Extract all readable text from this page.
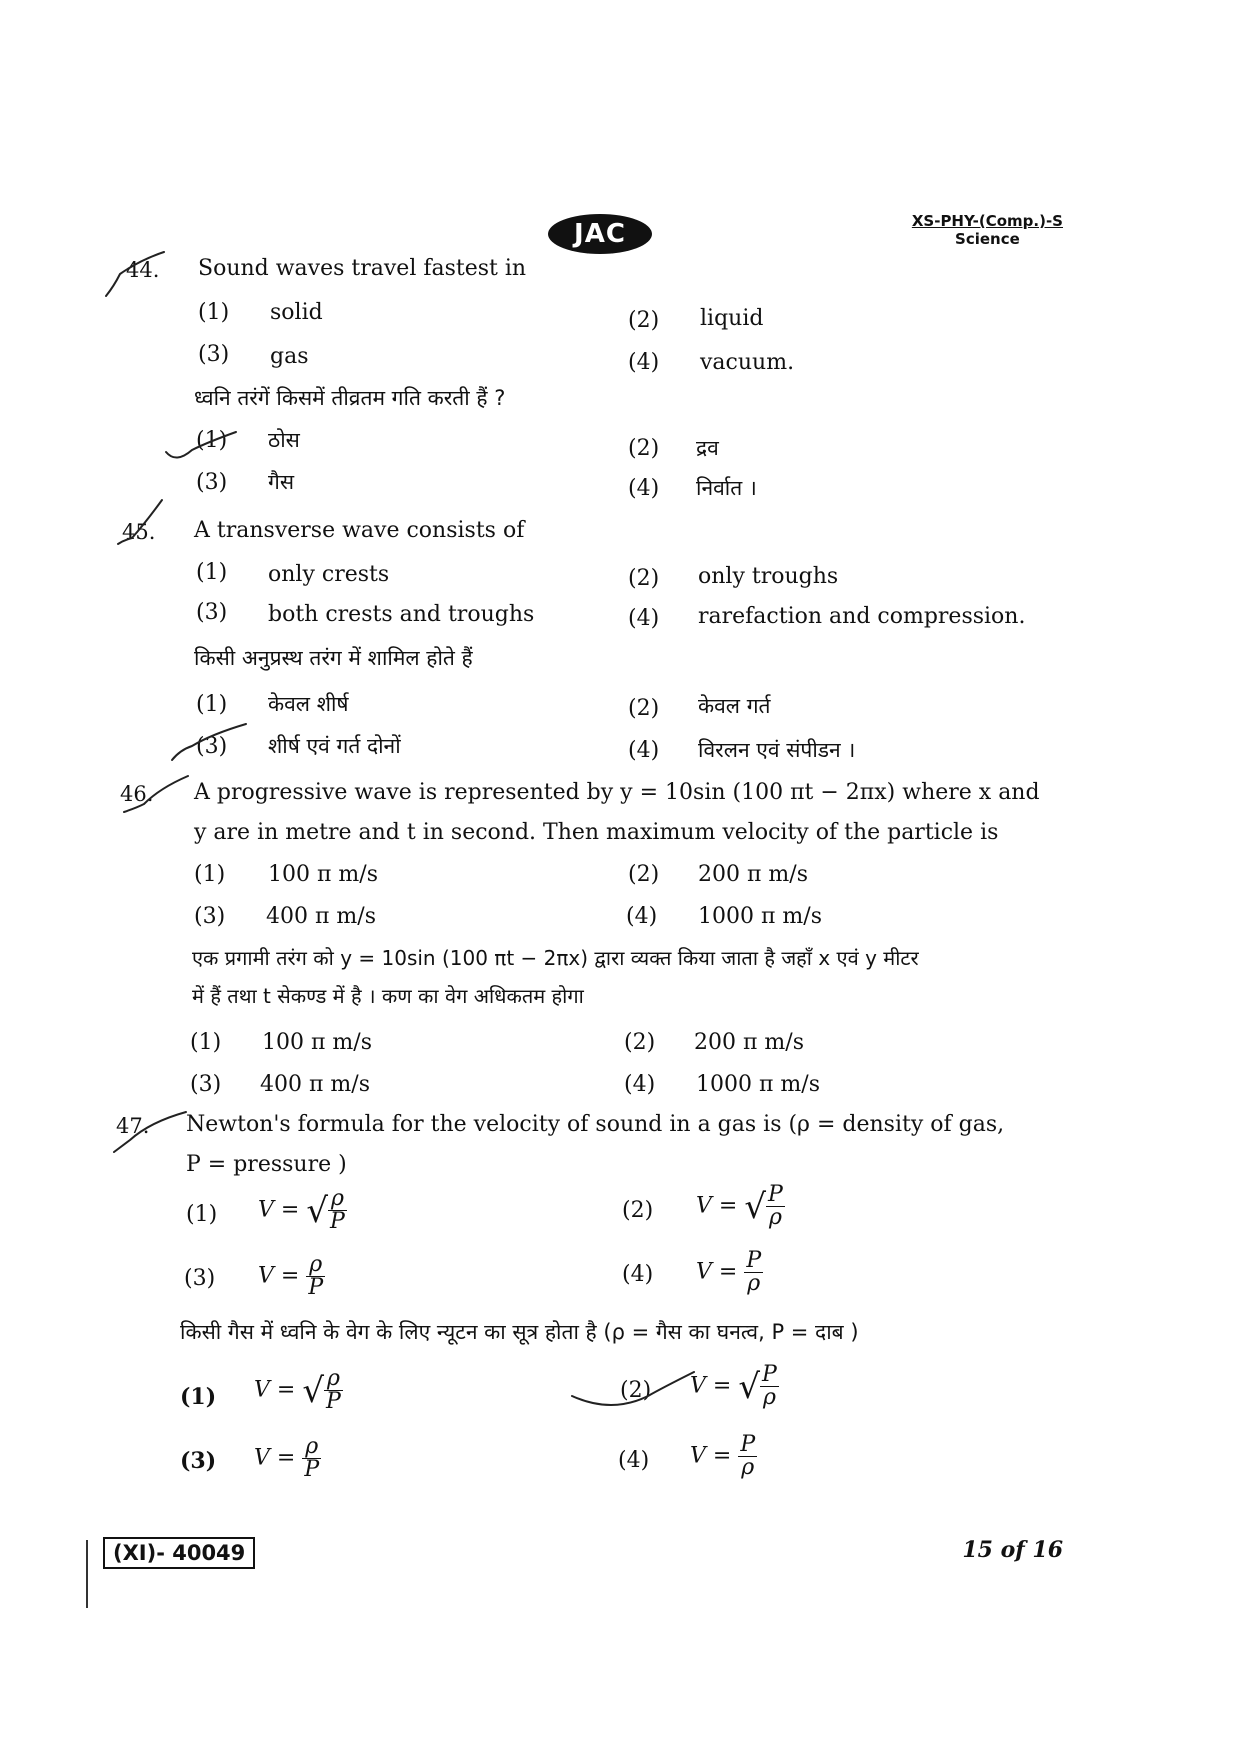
JAC	XS-PHY-(Comp.)-S
Science
44. Sound waves travel fastest in
(1) solid	(2) liquid
(3) gas	(4) vacuum.
ध्वनि तरंगें किसमें तीव्रतम गति करती हैं ?
(1) ठोस	(2) द्रव
(3) गैस	(4) निर्वात ।
45. A transverse wave consists of
(1) only crests	(2) only troughs
(3) both crests and troughs	(4) rarefaction and compression.
किसी अनुप्रस्थ तरंग में शामिल होते हैं
(1) केवल शीर्ष	(2) केवल गर्त
(3) शीर्ष एवं गर्त दोनों	(4) विरलन एवं संपीडन ।
46. A progressive wave is represented by y = 10sin (100 πt − 2πx) where x and
y are in metre and t in second. Then maximum velocity of the particle is
(1) 100 π m/s	(2) 200 π m/s
(3) 400 π m/s	(4) 1000 π m/s
एक प्रगामी तरंग को y = 10sin (100 πt − 2πx) द्वारा व्यक्त किया जाता है जहाँ x एवं y मीटर
में हैं तथा t सेकण्ड में है । कण का वेग अधिकतम होगा
(1) 100 π m/s	(2) 200 π m/s
(3) 400 π m/s	(4) 1000 π m/s
47. Newton's formula for the velocity of sound in a gas is (ρ = density of gas,
P = pressure )
(1) V = √ $\frac{\rho}{P}$	(2) V = √ $\frac{P}{\rho}$
(3) $V = \frac{\rho}{P}$	(4) $V = \frac{P}{\rho}$
किसी गैस में ध्वनि के वेग के लिए न्यूटन का सूत्र होता है (ρ = गैस का घनत्व, P = दाब )
(1) V = √ $\frac{\rho}{P}$	(2) V = √ $\frac{P}{\rho}$
(3) $V = \frac{\rho}{P}$	(4) $V = \frac{P}{\rho}$
(XI)- 40049	15 of 16
